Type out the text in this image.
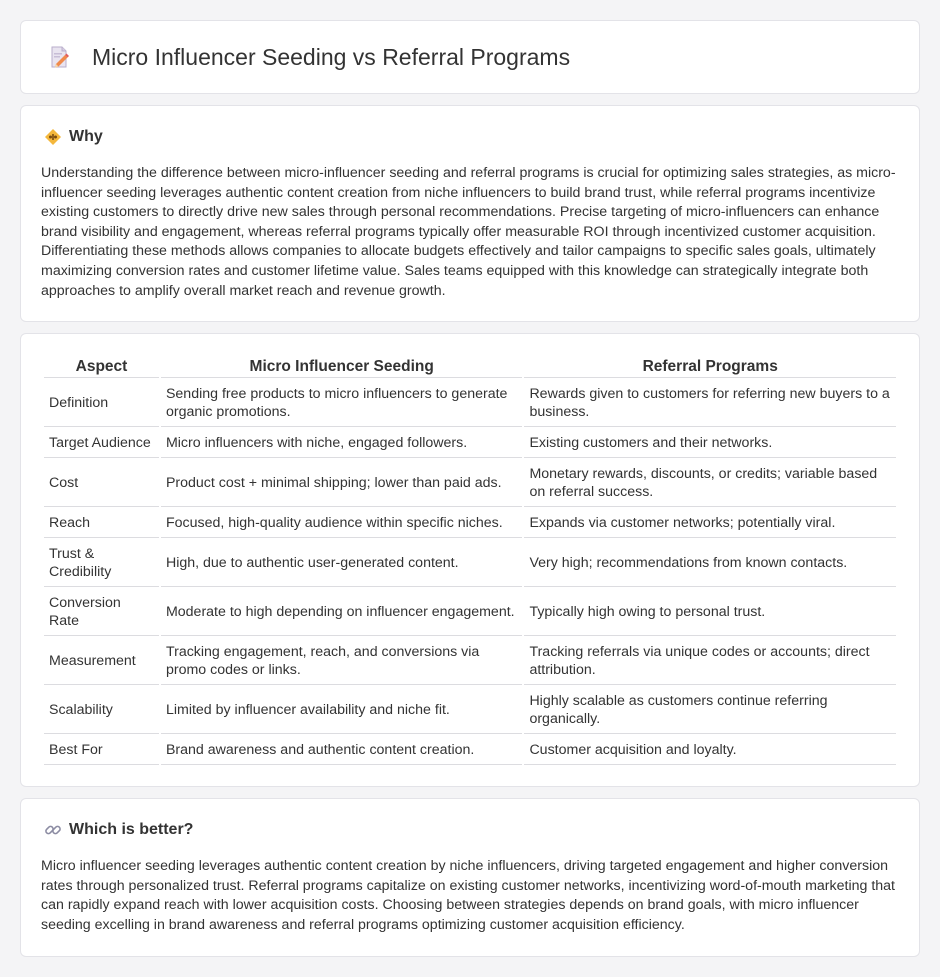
Micro Influencer Seeding vs Referral Programs
Why

Understanding the difference between micro-influencer seeding and referral programs is crucial for optimizing sales strategies, as micro-influencer seeding leverages authentic content creation from niche influencers to build brand trust, while referral programs incentivize existing customers to directly drive new sales through personal recommendations. Precise targeting of micro-influencers can enhance brand visibility and engagement, whereas referral programs typically offer measurable ROI through incentivized customer acquisition. Differentiating these methods allows companies to allocate budgets effectively and tailor campaigns to specific sales goals, ultimately maximizing conversion rates and customer lifetime value. Sales teams equipped with this knowledge can strategically integrate both approaches to amplify overall market reach and revenue growth.

Aspect	Micro Influencer Seeding	Referral Programs
Definition	Sending free products to micro influencers to generate organic promotions.	Rewards given to customers for referring new buyers to a business.
Target Audience	Micro influencers with niche, engaged followers.	Existing customers and their networks.
Cost	Product cost + minimal shipping; lower than paid ads.	Monetary rewards, discounts, or credits; variable based on referral success.
Reach	Focused, high-quality audience within specific niches.	Expands via customer networks; potentially viral.
Trust & Credibility	High, due to authentic user-generated content.	Very high; recommendations from known contacts.
Conversion Rate	Moderate to high depending on influencer engagement.	Typically high owing to personal trust.
Measurement	Tracking engagement, reach, and conversions via promo codes or links.	Tracking referrals via unique codes or accounts; direct attribution.
Scalability	Limited by influencer availability and niche fit.	Highly scalable as customers continue referring organically.
Best For	Brand awareness and authentic content creation.	Customer acquisition and loyalty.
Which is better?

Micro influencer seeding leverages authentic content creation by niche influencers, driving targeted engagement and higher conversion rates through personalized trust. Referral programs capitalize on existing customer networks, incentivizing word-of-mouth marketing that can rapidly expand reach with lower acquisition costs. Choosing between strategies depends on brand goals, with micro influencer seeding excelling in brand awareness and referral programs optimizing customer acquisition efficiency.
